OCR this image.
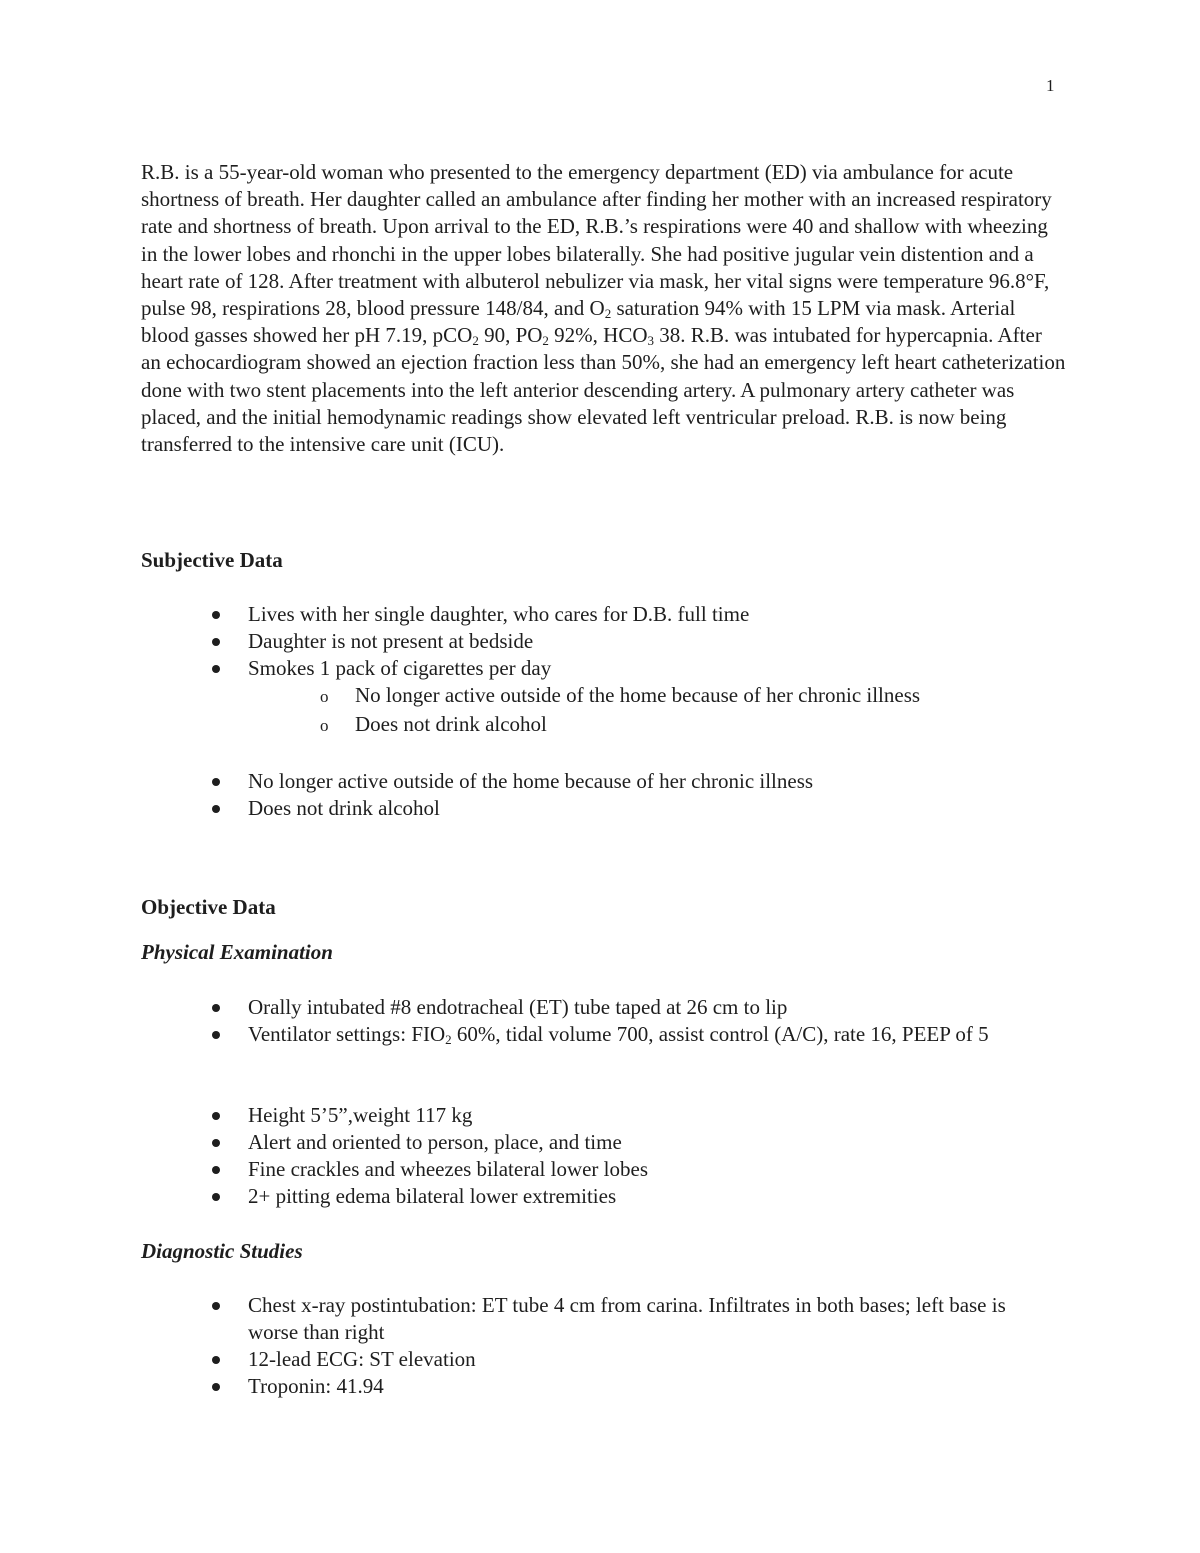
1

R.B. is a 55-year-old woman who presented to the emergency department (ED) via ambulance for acute shortness of breath. Her daughter called an ambulance after finding her mother with an increased respiratory rate and shortness of breath. Upon arrival to the ED, R.B.’s respirations were 40 and shallow with wheezing in the lower lobes and rhonchi in the upper lobes bilaterally. She had positive jugular vein distention and a heart rate of 128. After treatment with albuterol nebulizer via mask, her vital signs were temperature 96.8°F, pulse 98, respirations 28, blood pressure 148/84, and $O_2$ saturation 94% with 15 LPM via mask. Arterial blood gasses showed her pH 7.19, pCO$_2$ 90, $PO_2$ 92%, $HCO_3$ 38. R.B. was intubated for hypercapnia. After an echocardiogram showed an ejection fraction less than 50%, she had an emergency left heart catheterization done with two stent placements into the left anterior descending artery. A pulmonary artery catheter was placed, and the initial hemodynamic readings show elevated left ventricular preload. R.B. is now being transferred to the intensive care unit (ICU).

Subjective Data
Lives with her single daughter, who cares for D.B. full time
Daughter is not present at bedside
Smokes 1 pack of cigarettes per day
o No longer active outside of the home because of her chronic illness
o Does not drink alcohol
No longer active outside of the home because of her chronic illness
Does not drink alcohol
Objective Data
Physical Examination
Orally intubated #8 endotracheal (ET) tube taped at 26 cm to lip
Ventilator settings: $FIO_2$ 60%, tidal volume 700, assist control (A/C), rate 16, PEEP of 5
Height 5’5”,weight 117 kg
Alert and oriented to person, place, and time
Fine crackles and wheezes bilateral lower lobes
2+ pitting edema bilateral lower extremities
Diagnostic Studies
Chest x-ray postintubation: ET tube 4 cm from carina. Infiltrates in both bases; left base is worse than right
12-lead ECG: ST elevation
Troponin: 41.94
